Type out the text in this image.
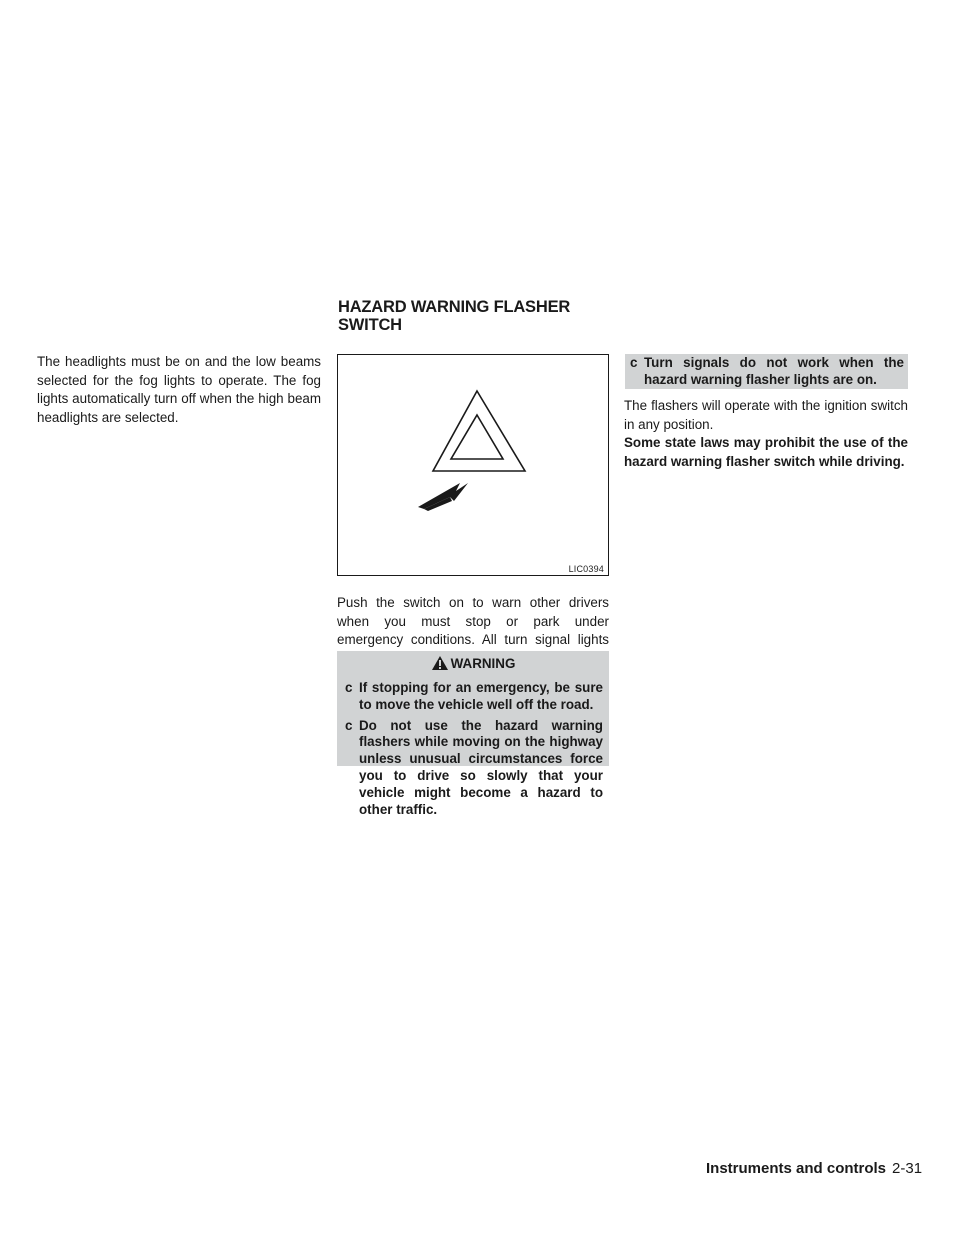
HAZARD WARNING FLASHER
SWITCH

The headlights must be on and the low beams selected for the fog lights to operate. The fog lights automatically turn off when the high beam headlights are selected.

LIC0394

Push the switch on to warn other drivers when you must stop or park under emergency conditions. All turn signal lights

WARNING

c If stopping for an emergency, be sure to move the vehicle well off the road.

c Do not use the hazard warning flashers while moving on the highway unless unusual circumstances force you to drive so slowly that your vehicle might become a hazard to other traffic.

c Turn signals do not work when the hazard warning flasher lights are on.

The flashers will operate with the ignition switch in any position.

Some state laws may prohibit the use of the hazard warning flasher switch while driving.

Instruments and controls 2-31
